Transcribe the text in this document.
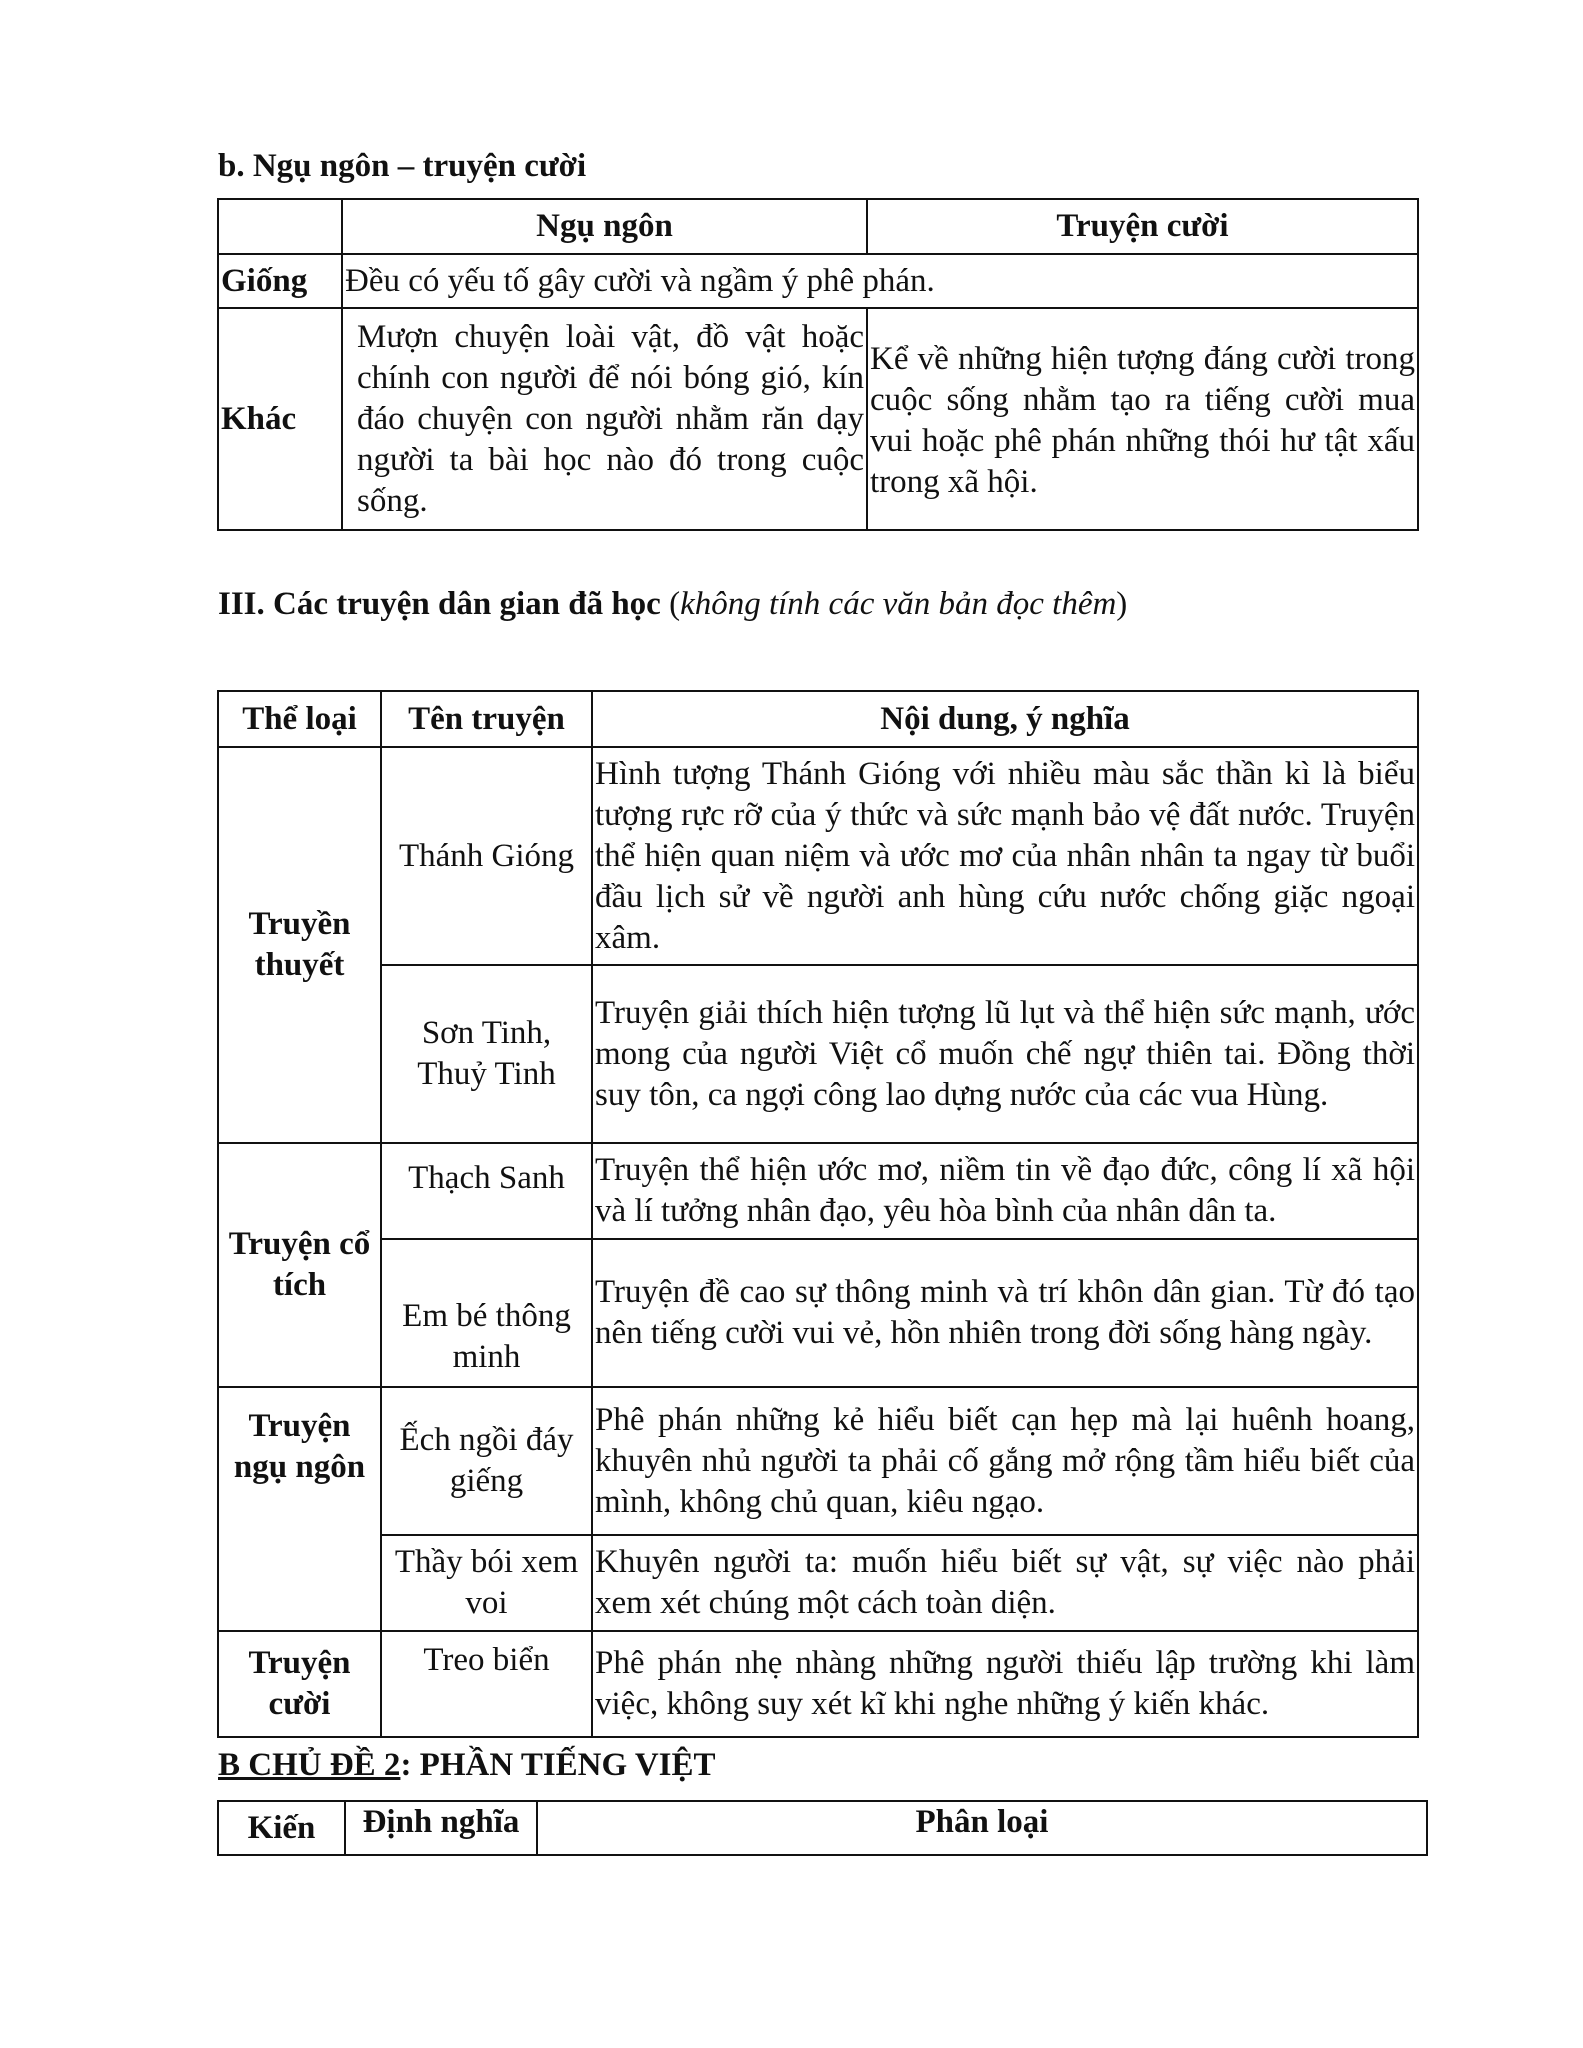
b. Ngụ ngôn – truyện cười
	Ngụ ngôn	Truyện cười
Giống	Đều có yếu tố gây cười và ngầm ý phê phán.	
Khác	Mượn chuyện loài vật, đồ vật hoặc chính con người để nói bóng gió, kín đáo chuyện con người nhằm răn dạy người ta bài học nào đó trong cuộc sống.	Kể về những hiện tượng đáng cười trong cuộc sống nhằm tạo ra tiếng cười mua vui hoặc phê phán những thói hư tật xấu trong xã hội.
III. Các truyện dân gian đã học (không tính các văn bản đọc thêm)
Thể loại	Tên truyện	Nội dung, ý nghĩa
Truyền thuyết	Thánh Gióng	Hình tượng Thánh Gióng với nhiều màu sắc thần kì là biểu tượng rực rỡ của ý thức và sức mạnh bảo vệ đất nước. Truyện thể hiện quan niệm và ước mơ của nhân nhân ta ngay từ buổi đầu lịch sử về người anh hùng cứu nước chống giặc ngoại xâm.
	Sơn Tinh, Thuỷ Tinh	Truyện giải thích hiện tượng lũ lụt và thể hiện sức mạnh, ước mong của người Việt cổ muốn chế ngự thiên tai. Đồng thời suy tôn, ca ngợi công lao dựng nước của các vua Hùng.
Truyện cổ tích	Thạch Sanh	Truyện thể hiện ước mơ, niềm tin về đạo đức, công lí xã hội và lí tưởng nhân đạo, yêu hòa bình của nhân dân ta.
	Em bé thông minh	Truyện đề cao sự thông minh và trí khôn dân gian. Từ đó tạo nên tiếng cười vui vẻ, hồn nhiên trong đời sống hàng ngày.
Truyện ngụ ngôn	Ếch ngồi đáy giếng	Phê phán những kẻ hiểu biết cạn hẹp mà lại huênh hoang, khuyên nhủ người ta phải cố gắng mở rộng tầm hiểu biết của mình, không chủ quan, kiêu ngạo.
	Thầy bói xem voi	Khuyên người ta: muốn hiểu biết sự vật, sự việc nào phải xem xét chúng một cách toàn diện.
Truyện cười	Treo biển	Phê phán nhẹ nhàng những người thiếu lập trường khi làm việc, không suy xét kĩ khi nghe những ý kiến khác.
B CHỦ ĐỀ 2: PHẦN TIẾNG VIỆT
Kiến	Định nghĩa	Phân loại
